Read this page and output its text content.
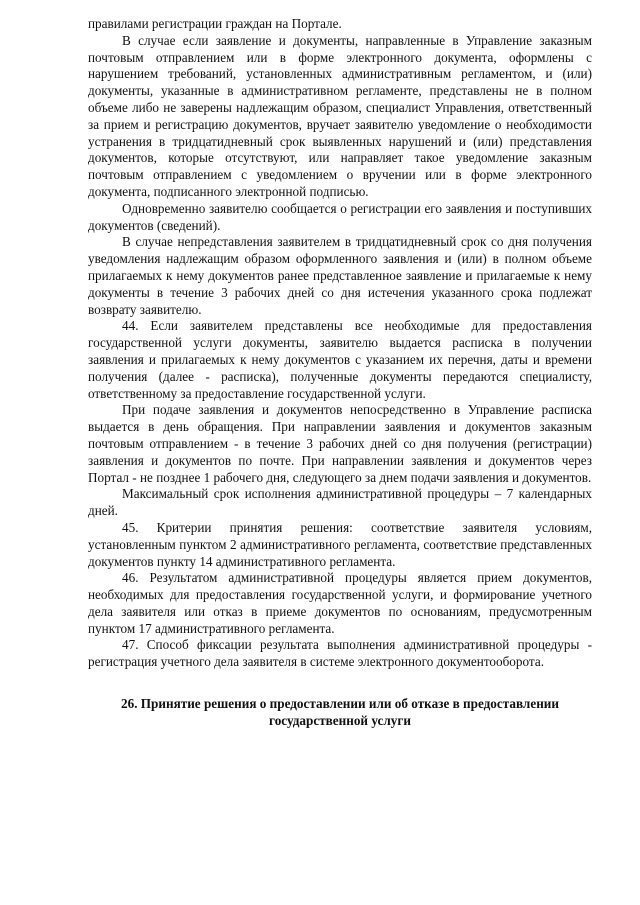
правилами регистрации граждан на Портале.

В случае если заявление и документы, направленные в Управление заказным почтовым отправлением или в форме электронного документа, оформлены с нарушением требований, установленных административным регламентом, и (или) документы, указанные в административном регламенте, представлены не в полном объеме либо не заверены надлежащим образом, специалист Управления, ответственный за прием и регистрацию документов, вручает заявителю уведомление о необходимости устранения в тридцатидневный срок выявленных нарушений и (или) представления документов, которые отсутствуют, или направляет такое уведомление заказным почтовым отправлением с уведомлением о вручении или в форме электронного документа, подписанного электронной подписью.

Одновременно заявителю сообщается о регистрации его заявления и поступивших документов (сведений).

В случае непредставления заявителем в тридцатидневный срок со дня получения уведомления надлежащим образом оформленного заявления и (или) в полном объеме прилагаемых к нему документов ранее представленное заявление и прилагаемые к нему документы в течение 3 рабочих дней со дня истечения указанного срока подлежат возврату заявителю.

44. Если заявителем представлены все необходимые для предоставления государственной услуги документы, заявителю выдается расписка в получении заявления и прилагаемых к нему документов с указанием их перечня, даты и времени получения (далее - расписка), полученные документы передаются специалисту, ответственному за предоставление государственной услуги.

При подаче заявления и документов непосредственно в Управление расписка выдается в день обращения. При направлении заявления и документов заказным почтовым отправлением - в течение 3 рабочих дней со дня получения (регистрации) заявления и документов по почте. При направлении заявления и документов через Портал - не позднее 1 рабочего дня, следующего за днем подачи заявления и документов.

Максимальный срок исполнения административной процедуры – 7 календарных дней.

45. Критерии принятия решения: соответствие заявителя условиям, установленным пунктом 2 административного регламента, соответствие представленных документов пункту 14 административного регламента.

46. Результатом административной процедуры является прием документов, необходимых для предоставления государственной услуги, и формирование учетного дела заявителя или отказ в приеме документов по основаниям, предусмотренным пунктом 17 административного регламента.

47. Способ фиксации результата выполнения административной процедуры - регистрация учетного дела заявителя в системе электронного документооборота.

26. Принятие решения о предоставлении или об отказе в предоставлении государственной услуги
